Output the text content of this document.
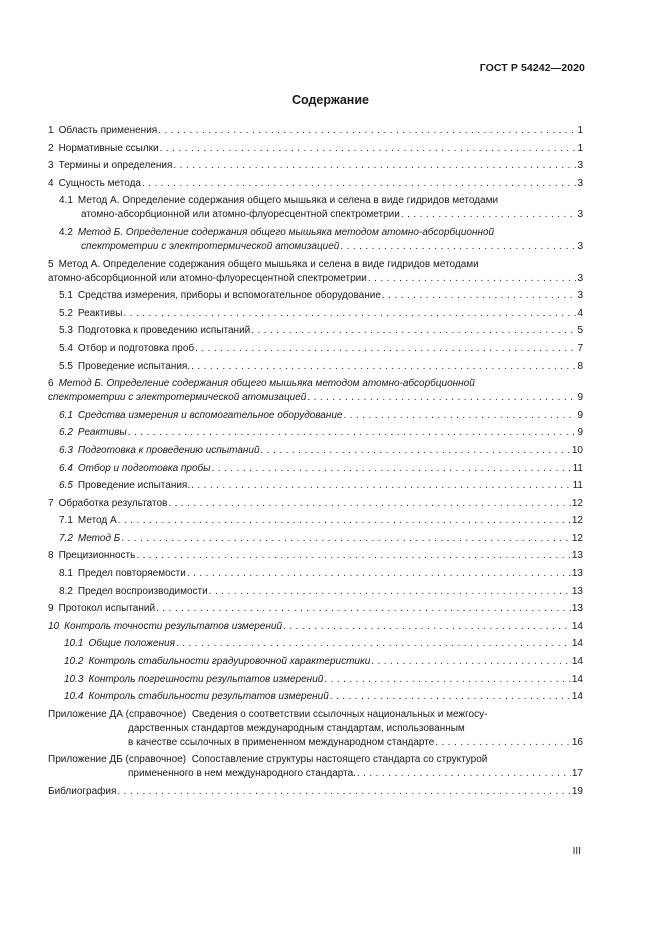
ГОСТ Р 54242—2020
Содержание
1 Область применения . . .	1
2 Нормативные ссылки . . .	1
3 Термины и определения . . .	3
4 Сущность метода . . .	3
4.1 Метод А. Определение содержания общего мышьяка и селена в виде гидридов методами
атомно-абсорбционной или атомно-флуоресцентной спектрометрии . . .	3
4.2 Метод Б. Определение содержания общего мышьяка методом атомно-абсорбционной
спектрометрии с электротермической атомизацией . . .	3
5 Метод А. Определение содержания общего мышьяка и селена в виде гидридов методами
атомно-абсорбционной или атомно-флуоресцентной спектрометрии . . .	3
5.1 Средства измерения, приборы и вспомогательное оборудование . . .	3
5.2 Реактивы . . .	4
5.3 Подготовка к проведению испытаний . . .	5
5.4 Отбор и подготовка проб . . .	7
5.5 Проведение испытания. . . .	8
6 Метод Б. Определение содержания общего мышьяка методом атомно-абсорбционной
спектрометрии с электротермической атомизацией . . .	9
6.1 Средства измерения и вспомогательное оборудование . . .	9
6.2 Реактивы . . .	9
6.3 Подготовка к проведению испытаний . . .	10
6.4 Отбор и подготовка пробы . . .	11
6.5 Проведение испытания. . . .	11
7 Обработка результатов . . .	12
7.1 Метод А . . .	12
7.2 Метод Б . . .	12
8 Прецизионность . . .	13
8.1 Предел повторяемости . . .	13
8.2 Предел воспроизводимости . . .	13
9 Протокол испытаний . . .	13
10 Контроль точности результатов измерений . . .	14
10.1 Общие положения . . .	14
10.2 Контроль стабильности градуировочной характеристики . . .	14
10.3 Контроль погрешности результатов измерений . . .	14
10.4 Контроль стабильности результатов измерений . . .	14
Приложение ДА (справочное) Сведения о соответствии ссылочных национальных и межгосу-
дарственных стандартов международным стандартам, использованным
в качестве ссылочных в примененном международном стандарте . . .	16
Приложение ДБ (справочное) Сопоставление структуры настоящего стандарта со структурой
примененного в нем международного стандарта. . . .	17
Библиография . . .	19
III
